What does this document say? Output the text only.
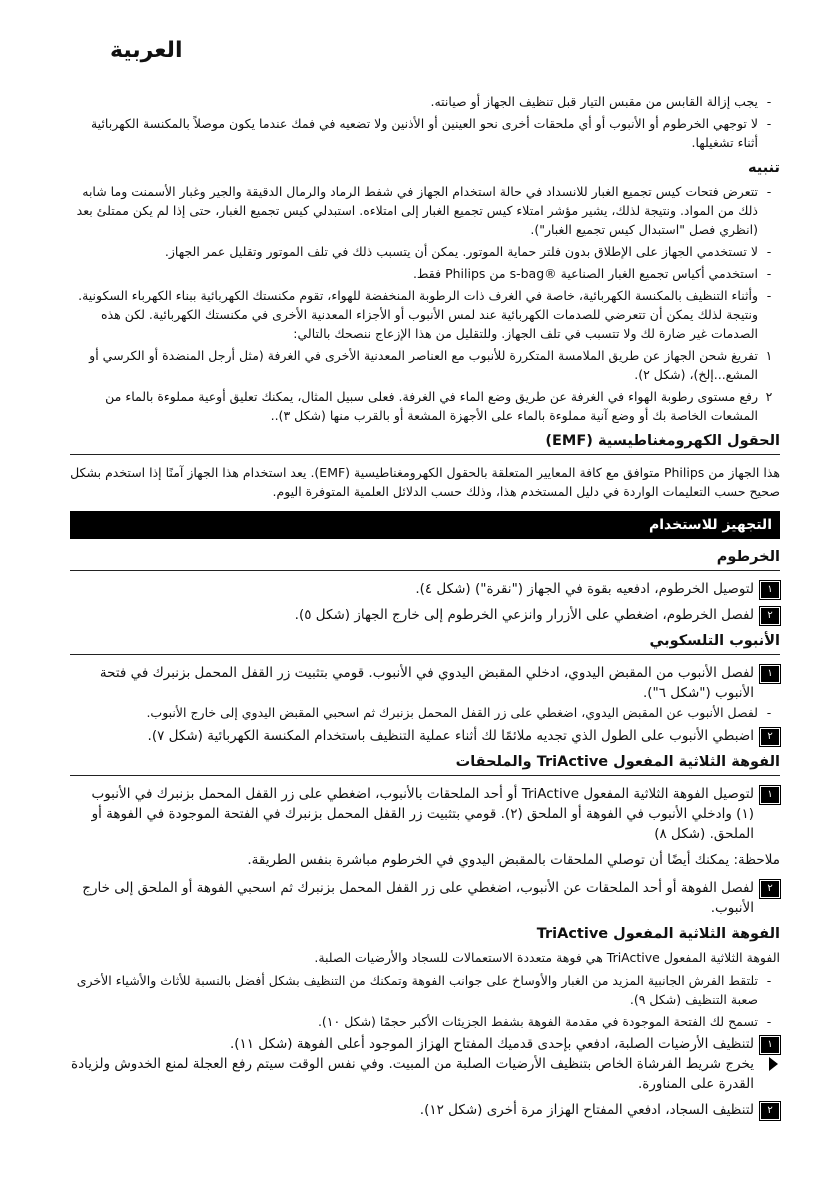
العربية
-
يجب إزالة القابس من مقبس التيار قبل تنظيف الجهاز أو صيانته.
-
لا توجهي الخرطوم أو الأنبوب أو أي ملحقات أخرى نحو العينين أو الأذنين ولا تضعيه في فمك عندما يكون موصلاً بالمكنسة الكهربائية أثناء تشغيلها.
تنبيه
-
تتعرض فتحات كيس تجميع الغبار للانسداد في حالة استخدام الجهاز في شفط الرماد والرمال الدقيقة والجير وغبار الأسمنت وما شابه ذلك من المواد. ونتيجة لذلك، يشير مؤشر امتلاء كيس تجميع الغبار إلى امتلاءه. استبدلي كيس تجميع الغبار، حتى إذا لم يكن ممتلئ بعد (انظري فصل "استبدال كيس تجميع الغبار").
-
لا تستخدمي الجهاز على الإطلاق بدون فلتر حماية الموتور. يمكن أن يتسبب ذلك في تلف الموتور وتقليل عمر الجهاز.
-
استخدمي أكياس تجميع الغبار الصناعية ®s-bag من Philips فقط.
-
وأثناء التنظيف بالمكنسة الكهربائية، خاصة في الغرف ذات الرطوبة المنخفضة للهواء، تقوم مكنستك الكهربائية ببناء الكهرباء السكونية. ونتيجة لذلك يمكن أن تتعرضي للصدمات الكهربائية عند لمس الأنبوب أو الأجزاء المعدنية الأخرى في مكنستك الكهربائية. لكن هذه الصدمات غير ضارة لك ولا تتسبب في تلف الجهاز. وللتقليل من هذا الإزعاج ننصحك بالتالي:
١
تفريغ شحن الجهاز عن طريق الملامسة المتكررة للأنبوب مع العناصر المعدنية الأخرى في الغرفة (مثل أرجل المنضدة أو الكرسي أو المشع...إلخ)، (شكل ٢).
٢
رفع مستوى رطوبة الهواء في الغرفة عن طريق وضع الماء في الغرفة. فعلى سبيل المثال، يمكنك تعليق أوعية مملوءة بالماء من المشعات الخاصة بك أو وضع آنية مملوءة بالماء على الأجهزة المشعة أو بالقرب منها (شكل ٣)..
الحقول الكهرومغناطيسية (EMF)
هذا الجهاز من Philips متوافق مع كافة المعايير المتعلقة بالحقول الكهرومغناطيسية (EMF). يعد استخدام هذا الجهاز آمنًا إذا استخدم بشكل صحيح حسب التعليمات الواردة في دليل المستخدم هذا، وذلك حسب الدلائل العلمية المتوفرة اليوم.
التجهيز للاستخدام
الخرطوم
١
لتوصيل الخرطوم، ادفعيه بقوة في الجهاز ("نقرة") (شكل ٤).
٢
لفصل الخرطوم، اضغطي على الأزرار وانزعي الخرطوم إلى خارج الجهاز (شكل ٥).
الأنبوب التلسكوبي
١
لفصل الأنبوب من المقبض اليدوي، ادخلي المقبض اليدوي في الأنبوب. قومي بتثبيت زر القفل المحمل بزنبرك في فتحة الأنبوب ("شكل ٦").
-
لفصل الأنبوب عن المقبض اليدوي، اضغطي على زر القفل المحمل بزنبرك ثم اسحبي المقبض اليدوي إلى خارج الأنبوب.
٢
اضبطي الأنبوب على الطول الذي تجديه ملائمًا لك أثناء عملية التنظيف باستخدام المكنسة الكهربائية (شكل ٧).
الفوهة الثلاثية المفعول TriActive والملحقات
١
لتوصيل الفوهة الثلاثية المفعول TriActive أو أحد الملحقات بالأنبوب، اضغطي على زر القفل المحمل بزنبرك في الأنبوب (١) وادخلي الأنبوب في الفوهة أو الملحق (٢). قومي بتثبيت زر القفل المحمل بزنبرك في الفتحة الموجودة في الفوهة أو الملحق. (شكل ٨)
ملاحظة: يمكنك أيضًا أن توصلي الملحقات بالمقبض اليدوي في الخرطوم مباشرة بنفس الطريقة.
٢
لفصل الفوهة أو أحد الملحقات عن الأنبوب، اضغطي على زر القفل المحمل بزنبرك ثم اسحبي الفوهة أو الملحق إلى خارج الأنبوب.
الفوهة الثلاثية المفعول TriActive
الفوهة الثلاثية المفعول TriActive هي فوهة متعددة الاستعمالات للسجاد والأرضيات الصلبة.
-
تلتقط الفرش الجانبية المزيد من الغبار والأوساخ على جوانب الفوهة وتمكنك من التنظيف بشكل أفضل بالنسبة للأثاث والأشياء الأخرى صعبة التنظيف (شكل ٩).
-
تسمح لك الفتحة الموجودة في مقدمة الفوهة بشفط الجزيئات الأكبر حجمًا (شكل ١٠).
١
لتنظيف الأرضيات الصلبة، ادفعي بإحدى قدميك المفتاح الهزاز الموجود أعلى الفوهة (شكل ١١).
يخرج شريط الفرشاة الخاص بتنظيف الأرضيات الصلبة من المبيت. وفي نفس الوقت سيتم رفع العجلة لمنع الخدوش ولزيادة القدرة على المناورة.
٢
لتنظيف السجاد، ادفعي المفتاح الهزاز مرة أخرى (شكل ١٢).
